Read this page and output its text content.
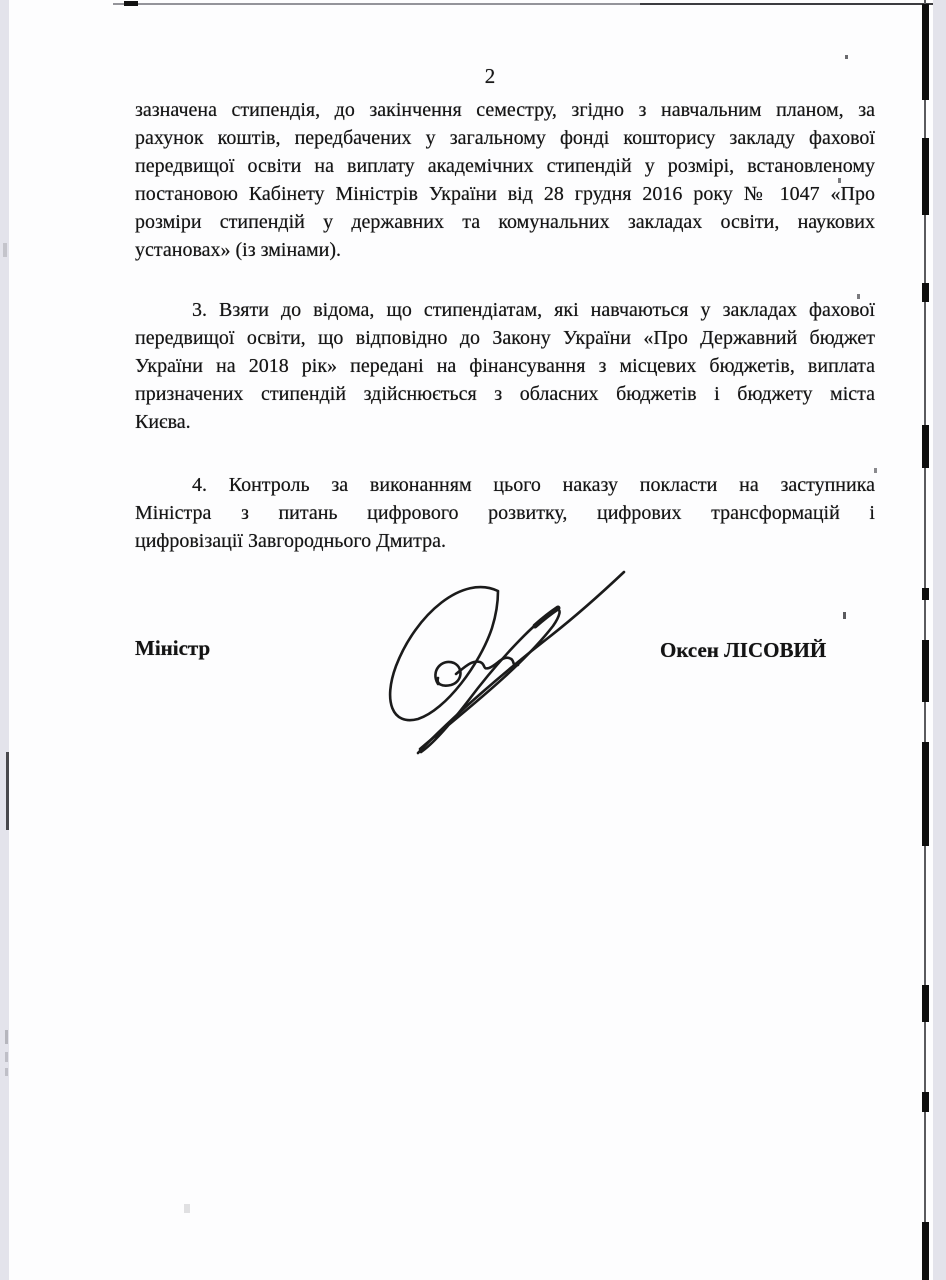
2
зазначена стипендія, до закінчення семестру, згідно з навчальним планом, за
рахунок коштів, передбачених у загальному фонді кошторису закладу фахової
передвищої освіти на виплату академічних стипендій у розмірі, встановленому
постановою Кабінету Міністрів України від 28 грудня 2016 року № 1047 «Про
розміри стипендій у державних та комунальних закладах освіти, наукових
установах» (із змінами).
3. Взяти до відома, що стипендіатам, які навчаються у закладах фахової
передвищої освіти, що відповідно до Закону України «Про Державний бюджет
України на 2018 рік» передані на фінансування з місцевих бюджетів, виплата
призначених стипендій здійснюється з обласних бюджетів і бюджету міста
Києва.
4. Контроль за виконанням цього наказу покласти на заступника
Міністра з питань цифрового розвитку, цифрових трансформацій і
цифровізації Завгороднього Дмитра.
Міністр	Оксен ЛІСОВИЙ
